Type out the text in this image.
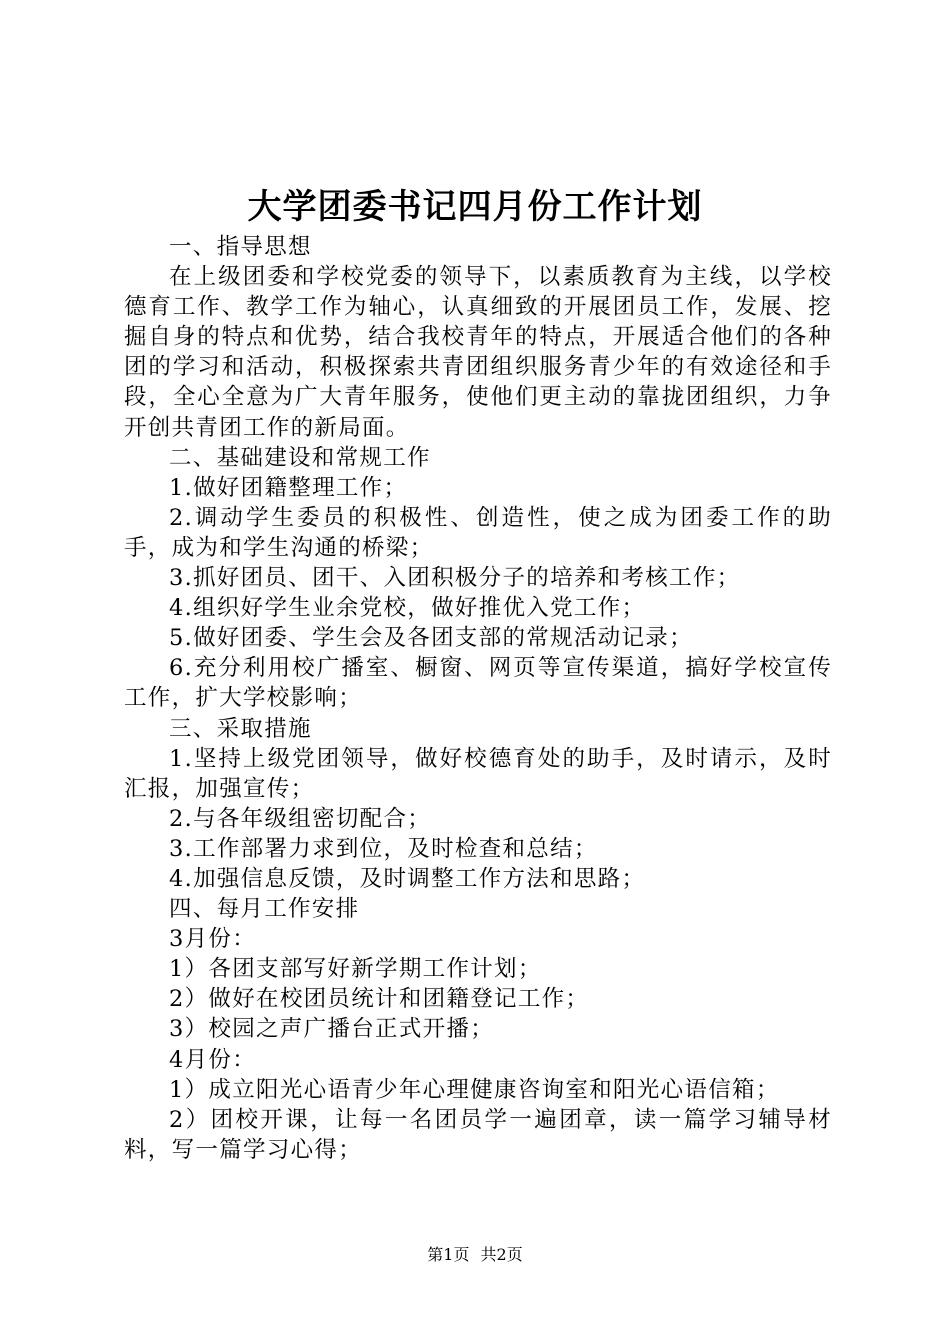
大学团委书记四月份工作计划

一、指导思想

在上级团委和学校党委的领导下，以素质教育为主线，以学校德育工作、教学工作为轴心，认真细致的开展团员工作，发展、挖掘自身的特点和优势，结合我校青年的特点，开展适合他们的各种团的学习和活动，积极探索共青团组织服务青少年的有效途径和手段，全心全意为广大青年服务，使他们更主动的靠拢团组织，力争开创共青团工作的新局面。

二、基础建设和常规工作

1.做好团籍整理工作；

2.调动学生委员的积极性、创造性，使之成为团委工作的助手，成为和学生沟通的桥梁；

3.抓好团员、团干、入团积极分子的培养和考核工作；

4.组织好学生业余党校，做好推优入党工作；

5.做好团委、学生会及各团支部的常规活动记录；

6.充分利用校广播室、橱窗、网页等宣传渠道，搞好学校宣传工作，扩大学校影响；

三、采取措施

1.坚持上级党团领导，做好校德育处的助手，及时请示，及时汇报，加强宣传；

2.与各年级组密切配合；

3.工作部署力求到位，及时检查和总结；

4.加强信息反馈，及时调整工作方法和思路；

四、每月工作安排

3月份：

1）各团支部写好新学期工作计划；

2）做好在校团员统计和团籍登记工作；

3）校园之声广播台正式开播；

4月份：

1）成立阳光心语青少年心理健康咨询室和阳光心语信箱；

2）团校开课，让每一名团员学一遍团章，读一篇学习辅导材料，写一篇学习心得；

第1页 共2页
